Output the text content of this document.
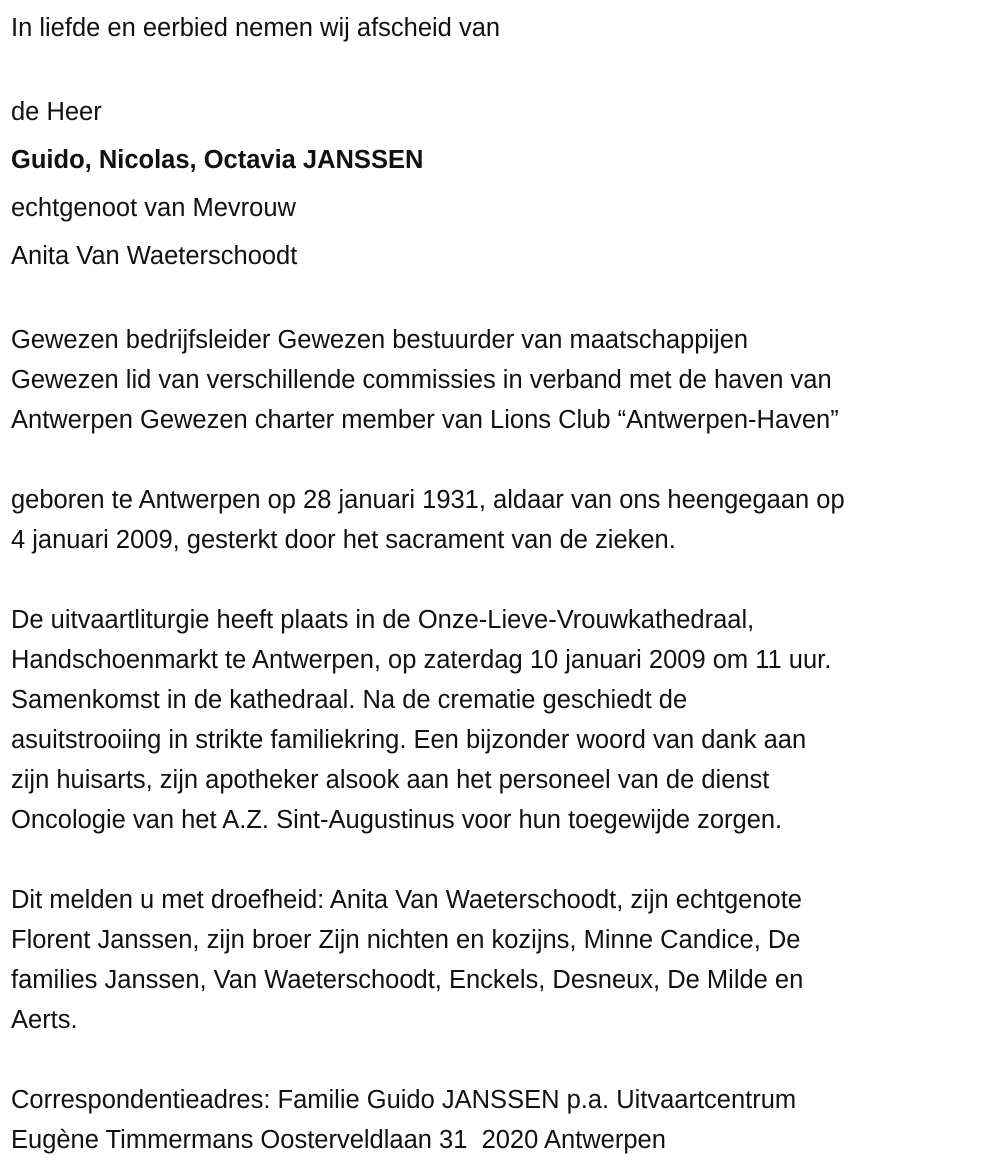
In liefde en eerbied nemen wij afscheid van
de Heer
Guido, Nicolas, Octavia JANSSEN
echtgenoot van Mevrouw
Anita Van Waeterschoodt
Gewezen bedrijfsleider Gewezen bestuurder van maatschappijen
Gewezen lid van verschillende commissies in verband met de haven van
Antwerpen Gewezen charter member van Lions Club “Antwerpen-Haven”
geboren te Antwerpen op 28 januari 1931, aldaar van ons heengegaan op
4 januari 2009, gesterkt door het sacrament van de zieken.
De uitvaartliturgie heeft plaats in de Onze-Lieve-Vrouwkathedraal,
Handschoenmarkt te Antwerpen, op zaterdag 10 januari 2009 om 11 uur.
Samenkomst in de kathedraal. Na de crematie geschiedt de
asuitstrooiing in strikte familiekring. Een bijzonder woord van dank aan
zijn huisarts, zijn apotheker alsook aan het personeel van de dienst
Oncologie van het A.Z. Sint-Augustinus voor hun toegewijde zorgen.
Dit melden u met droefheid: Anita Van Waeterschoodt, zijn echtgenote
Florent Janssen, zijn broer Zijn nichten en kozijns, Minne Candice, De
families Janssen, Van Waeterschoodt, Enckels, Desneux, De Milde en
Aerts.
Correspondentieadres: Familie Guido JANSSEN p.a. Uitvaartcentrum
Eugène Timmermans Oosterveldlaan 31  2020 Antwerpen
